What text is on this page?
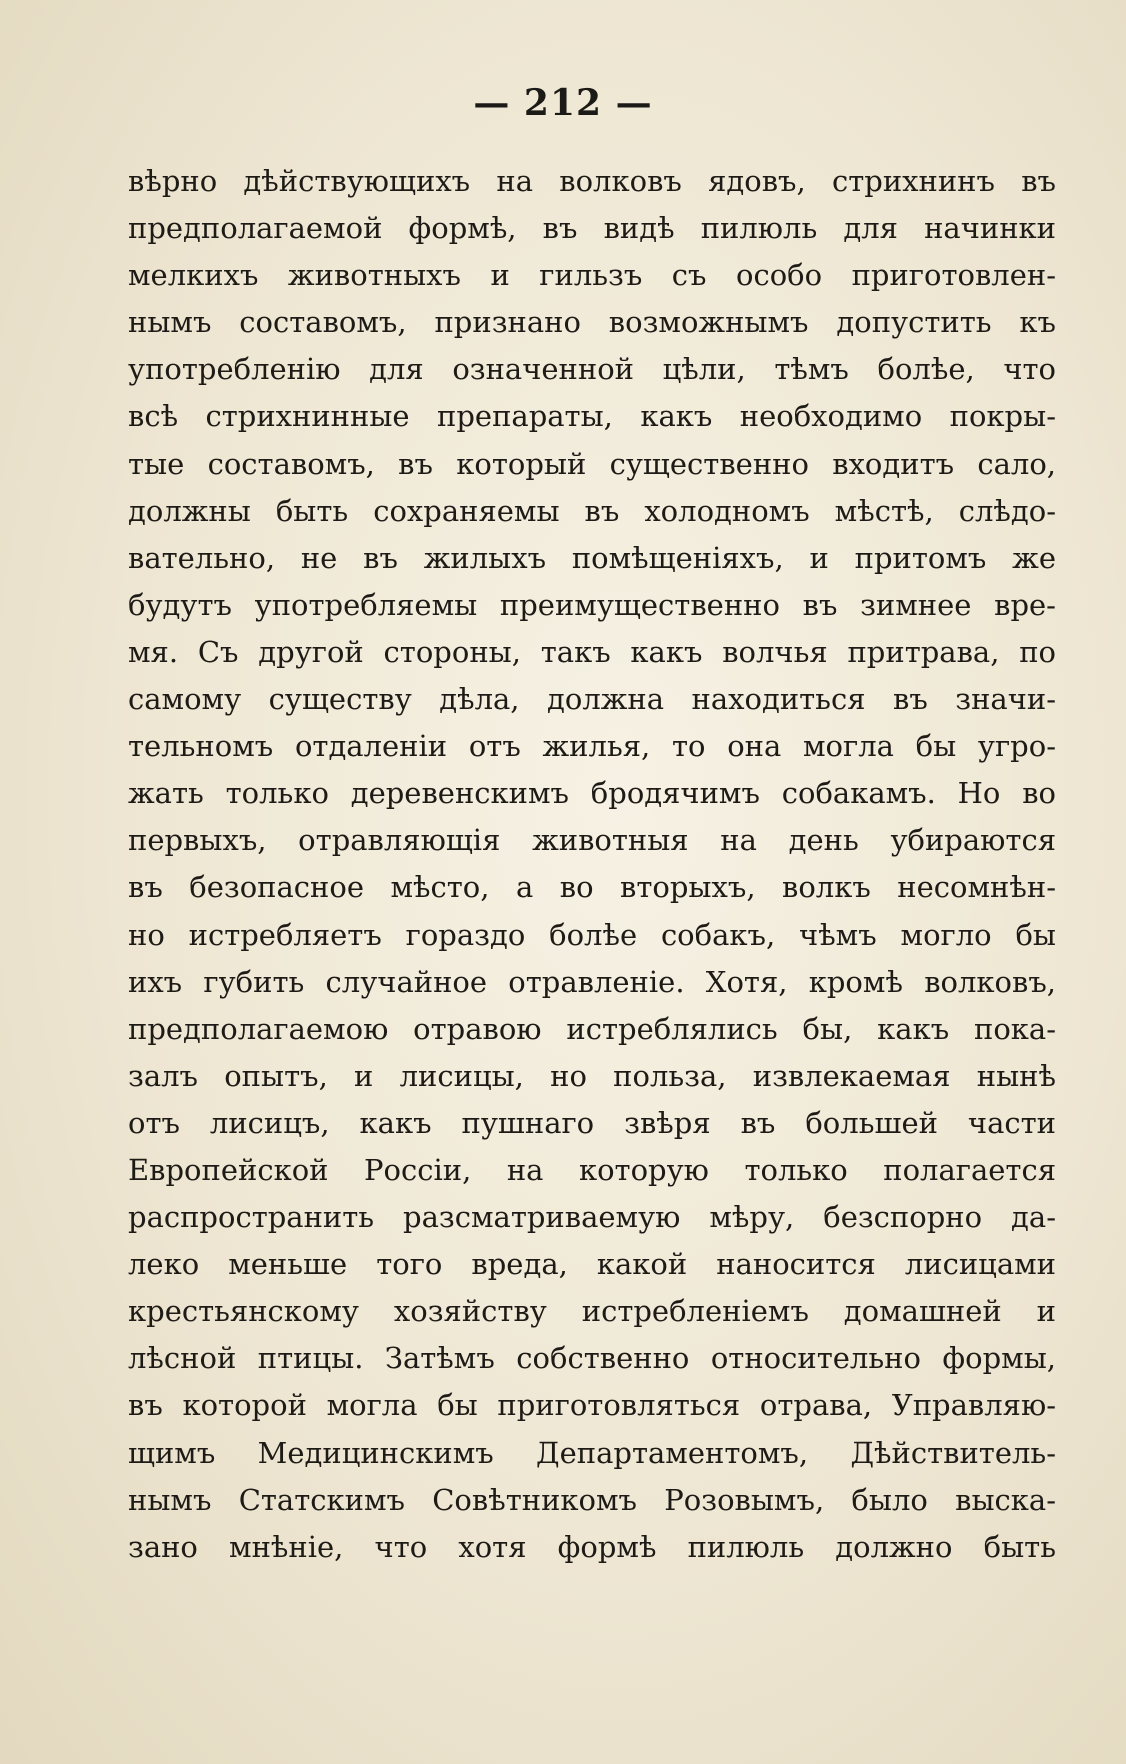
— 212 —
вѣрно дѣйствующихъ на волковъ ядовъ, стрихнинъ въ
предполагаемой формѣ, въ видѣ пилюль для начинки
мелкихъ животныхъ и гильзъ съ особо приготовлен-
нымъ составомъ, признано возможнымъ допустить къ
употребленію для означенной цѣли, тѣмъ болѣе, что
всѣ стрихнинные препараты, какъ необходимо покры-
тые составомъ, въ который существенно входитъ сало,
должны быть сохраняемы въ холодномъ мѣстѣ, слѣдо-
вательно, не въ жилыхъ помѣщеніяхъ, и притомъ же
будутъ употребляемы преимущественно въ зимнее вре-
мя. Съ другой стороны, такъ какъ волчья притрава, по
самому существу дѣла, должна находиться въ значи-
тельномъ отдаленіи отъ жилья, то она могла бы угро-
жать только деревенскимъ бродячимъ собакамъ. Но во
первыхъ, отравляющія животныя на день убираются
въ безопасное мѣсто, а во вторыхъ, волкъ несомнѣн-
но истребляетъ гораздо болѣе собакъ, чѣмъ могло бы
ихъ губить случайное отравленіе. Хотя, кромѣ волковъ,
предполагаемою отравою истреблялись бы, какъ пока-
залъ опытъ, и лисицы, но польза, извлекаемая нынѣ
отъ лисицъ, какъ пушнаго звѣря въ большей части
Европейской Россіи, на которую только полагается
распространить разсматриваемую мѣру, безспорно да-
леко меньше того вреда, какой наносится лисицами
крестьянскому хозяйству истребленіемъ домашней и
лѣсной птицы. Затѣмъ собственно относительно формы,
въ которой могла бы приготовляться отрава, Управляю-
щимъ Медицинскимъ Департаментомъ, Дѣйствитель-
нымъ Статскимъ Совѣтникомъ Розовымъ, было выска-
зано мнѣніе, что хотя формѣ пилюль должно быть
